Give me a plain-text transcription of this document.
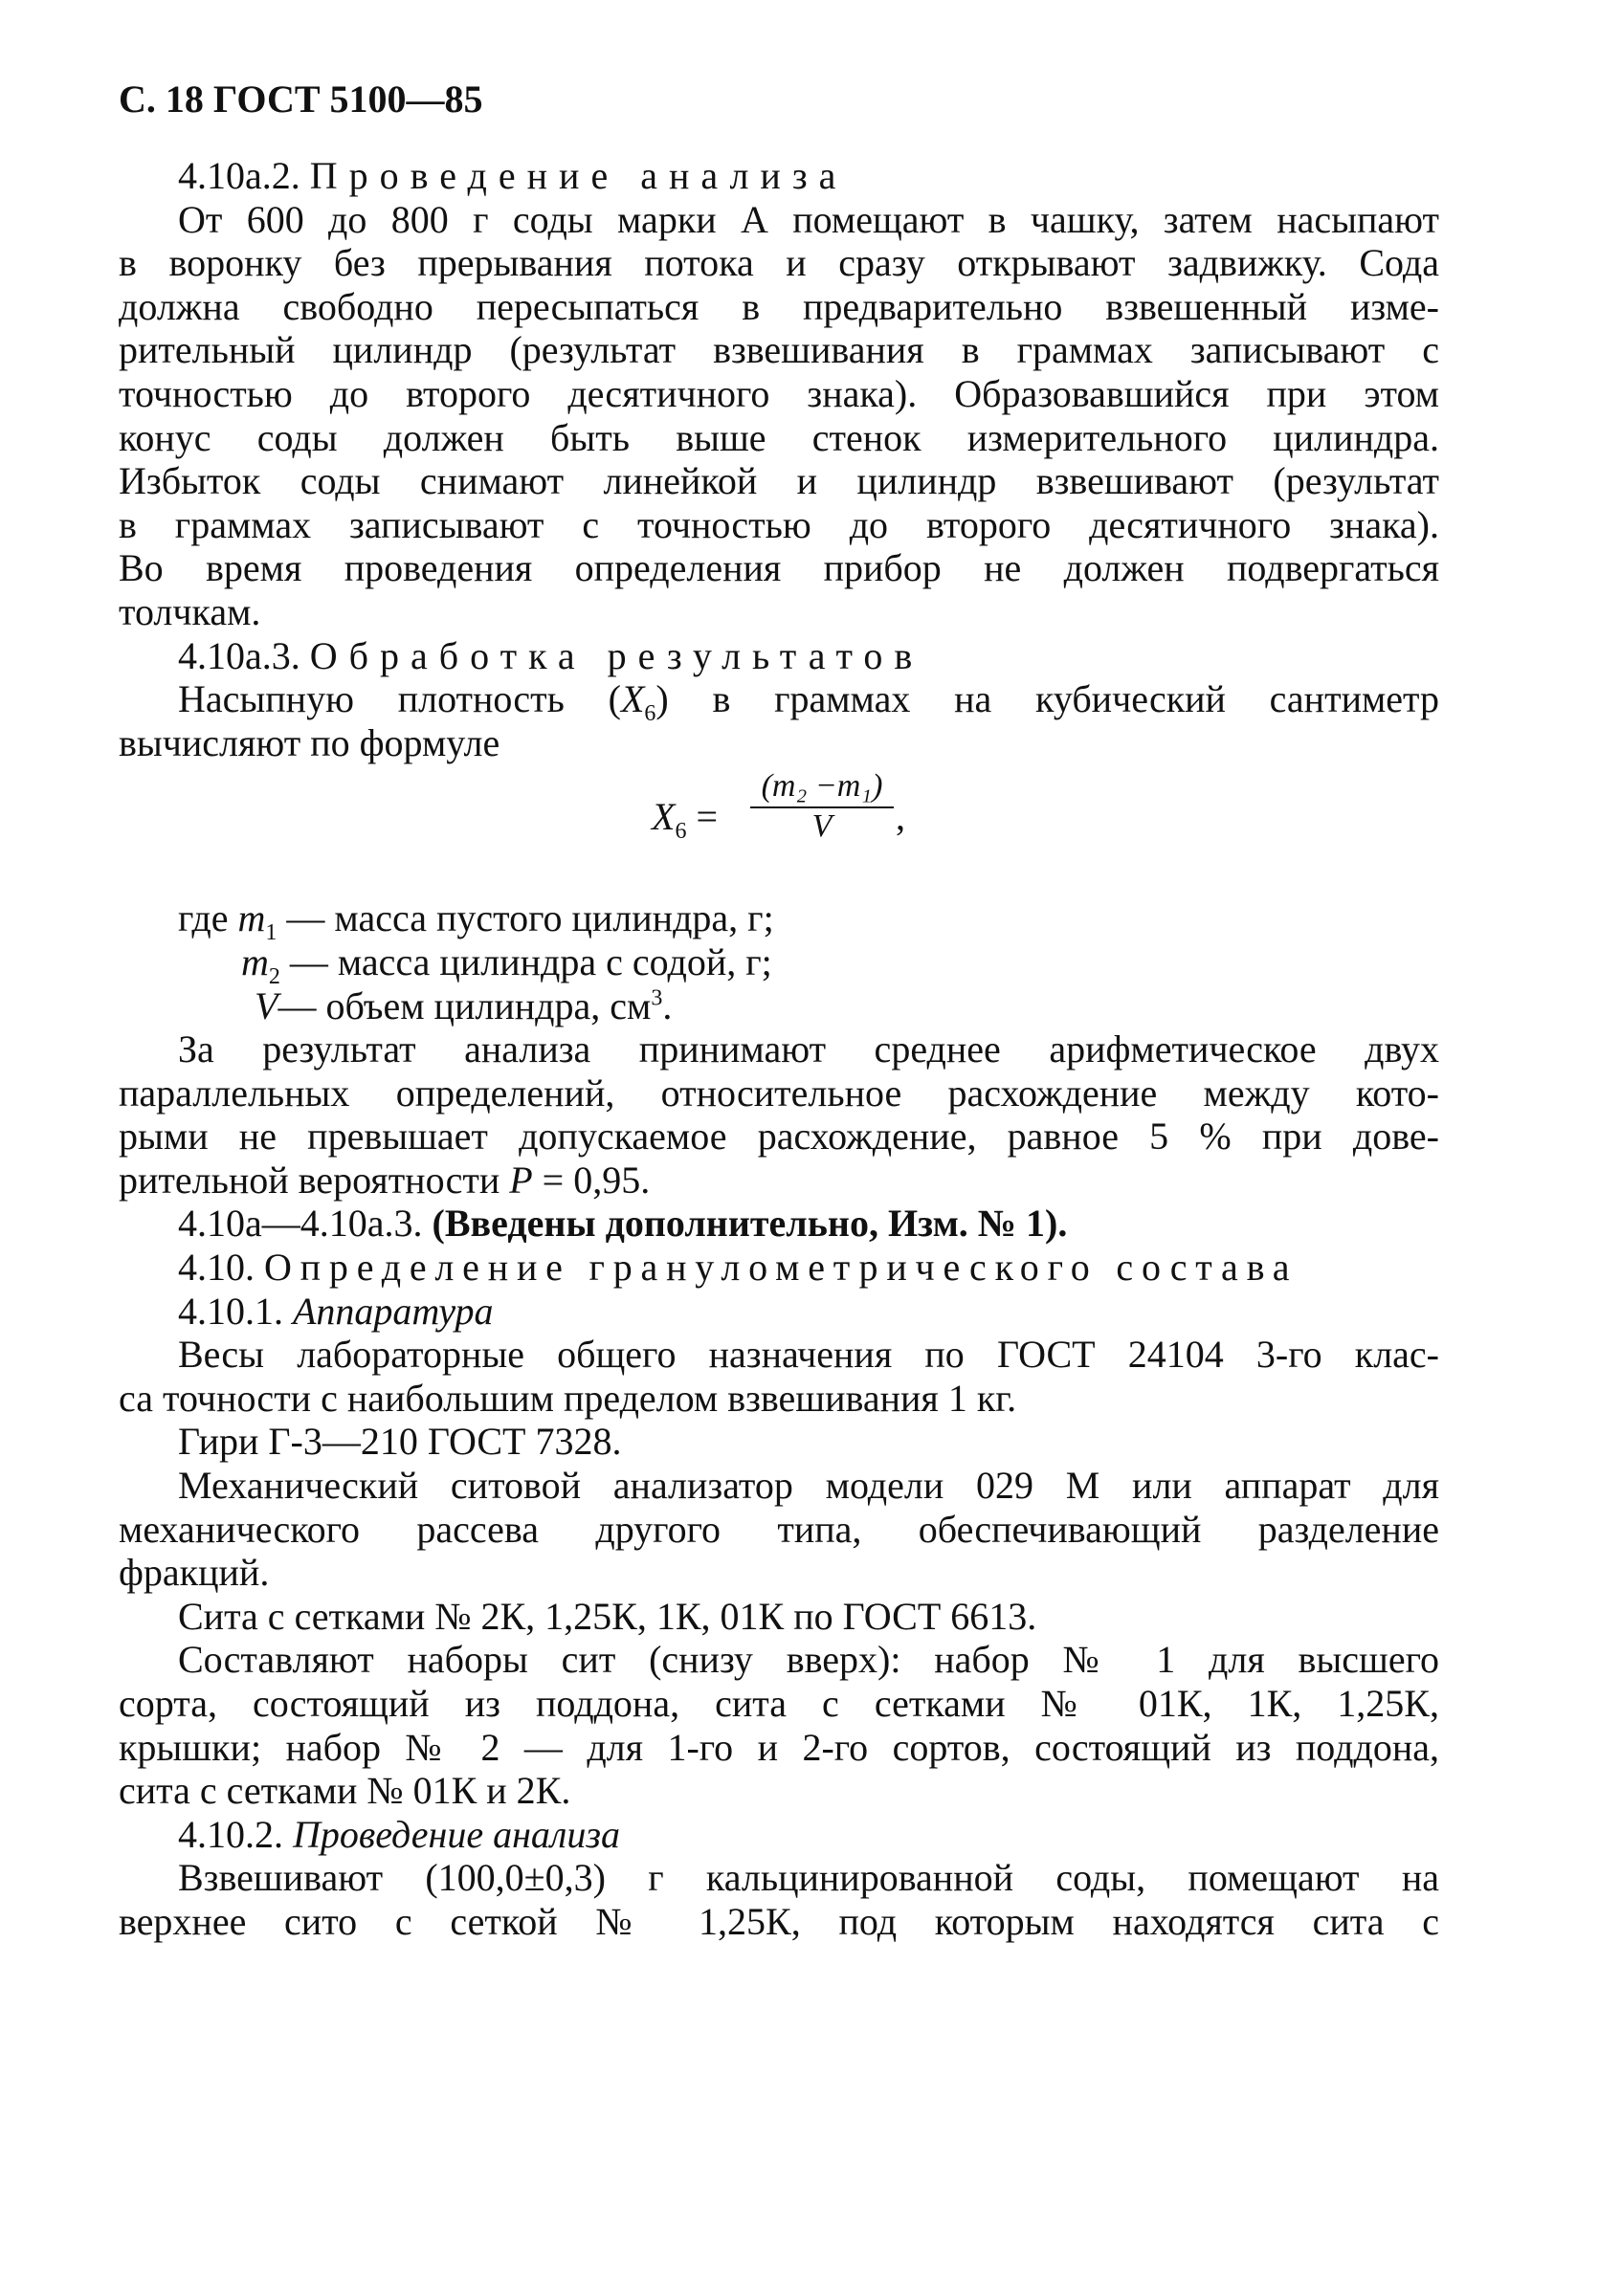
С. 18 ГОСТ 5100—85
4.10а.2. Проведение анализа
От 600 до 800 г соды марки А помещают в чашку, затем насыпают
в воронку без прерывания потока и сразу открывают задвижку. Сода
должна свободно пересыпаться в предварительно взвешенный изме-
рительный цилиндр (результат взвешивания в граммах записывают с
точностью до второго десятичного знака). Образовавшийся при этом
конус соды должен быть выше стенок измерительного цилиндра.
Избыток соды снимают линейкой и цилиндр взвешивают (результат
в граммах записывают с точностью до второго десятичного знака).
Во время проведения определения прибор не должен подвергаться
толчкам.
4.10а.3. Обработка результатов
Насыпную плотность $(X_6)$ в граммах на кубический сантиметр
вычисляют по формуле
$X_6 = \frac{\text{(m₂ −m₁)}}{V}$ ,
где $m_1$ — масса пустого цилиндра, г;
$m_2$ — масса цилиндра с содой, г;
V— объем цилиндра, $см^3$.
За результат анализа принимают среднее арифметическое двух
параллельных определений, относительное расхождение между кото-
рыми не превышает допускаемое расхождение, равное 5 % при дове-
рительной вероятности P = 0,95.
4.10а—4.10а.3. (Введены дополнительно, Изм. № 1).
4.10. Определение гранулометрического состава
4.10.1. Аппаратура
Весы лабораторные общего назначения по ГОСТ 24104 3-го клас-
са точности с наибольшим пределом взвешивания 1 кг.
Гири Г-3—210 ГОСТ 7328.
Механический ситовой анализатор модели 029 М или аппарат для
механического рассева другого типа, обеспечивающий разделение
фракций.
Сита с сетками № 2К, 1,25К, 1К, 01К по ГОСТ 6613.
Составляют наборы сит (снизу вверх): набор № 1 для высшего
сорта, состоящий из поддона, сита с сетками № 01К, 1К, 1,25К,
крышки; набор № 2 — для 1-го и 2-го сортов, состоящий из поддона,
сита с сетками № 01К и 2К.
4.10.2. Проведение анализа
Взвешивают (100,0±0,3) г кальцинированной соды, помещают на
верхнее сито с сеткой № 1,25К, под которым находятся сита с
